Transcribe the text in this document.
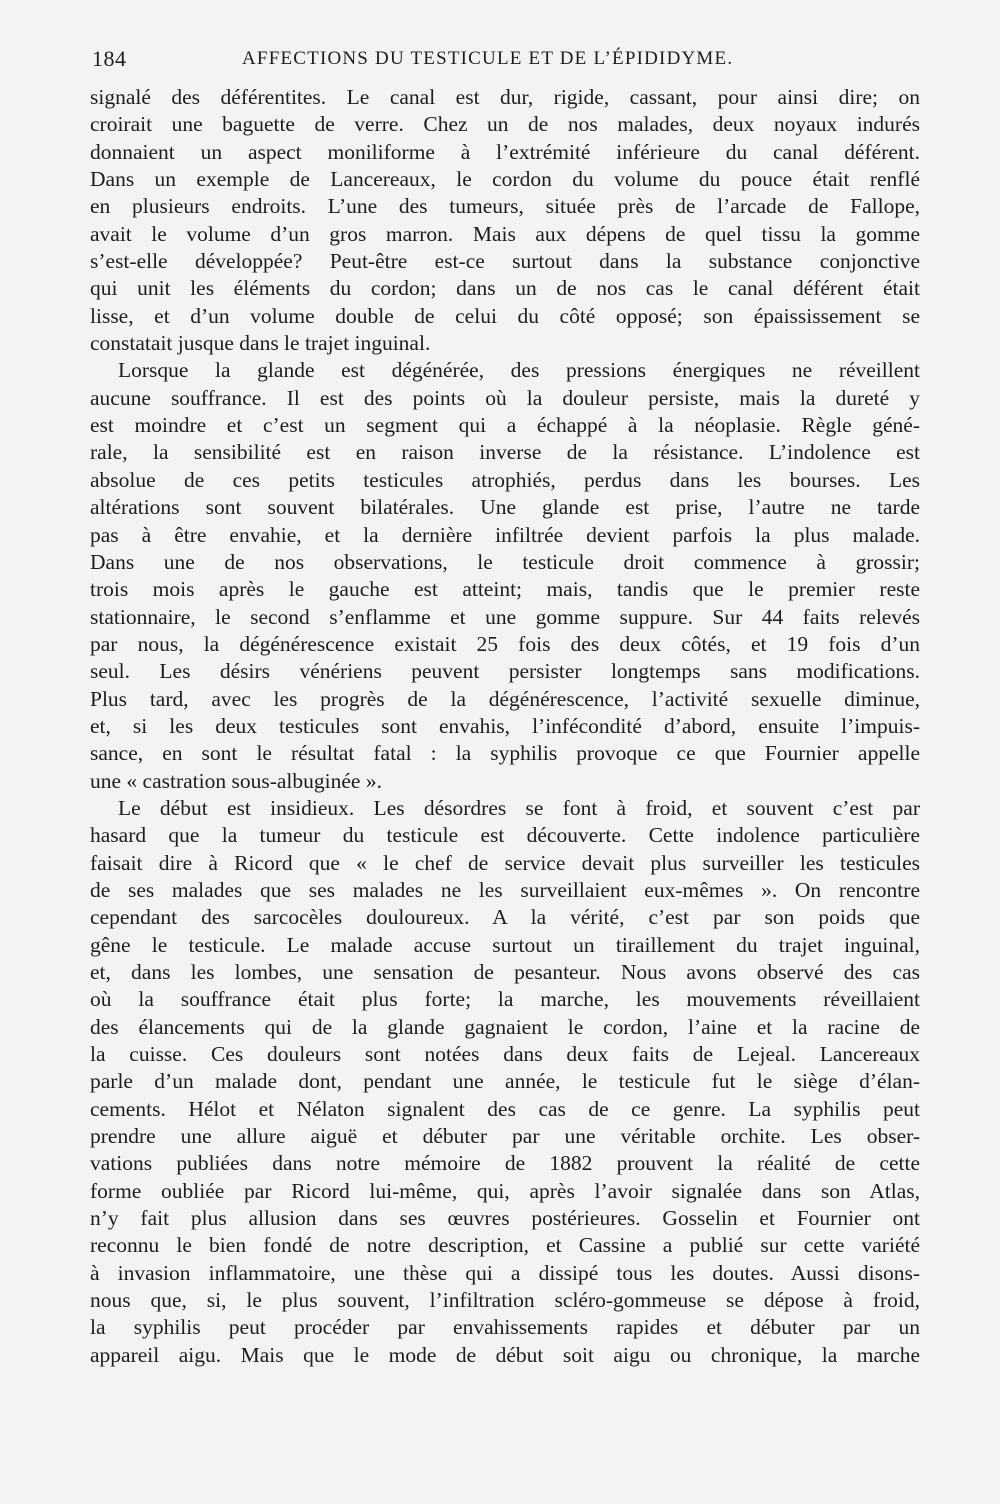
184	AFFECTIONS DU TESTICULE ET DE L’ÉPIDIDYME.
signalé des déférentites. Le canal est dur, rigide, cassant, pour ainsi dire; on
croirait une baguette de verre. Chez un de nos malades, deux noyaux indurés
donnaient un aspect moniliforme à l’extrémité inférieure du canal déférent.
Dans un exemple de Lancereaux, le cordon du volume du pouce était renflé
en plusieurs endroits. L’une des tumeurs, située près de l’arcade de Fallope,
avait le volume d’un gros marron. Mais aux dépens de quel tissu la gomme
s’est-elle développée? Peut-être est-ce surtout dans la substance conjonctive
qui unit les éléments du cordon; dans un de nos cas le canal déférent était
lisse, et d’un volume double de celui du côté opposé; son épaississement se
constatait jusque dans le trajet inguinal.
Lorsque la glande est dégénérée, des pressions énergiques ne réveillent
aucune souffrance. Il est des points où la douleur persiste, mais la dureté y
est moindre et c’est un segment qui a échappé à la néoplasie. Règle géné-
rale, la sensibilité est en raison inverse de la résistance. L’indolence est
absolue de ces petits testicules atrophiés, perdus dans les bourses. Les
altérations sont souvent bilatérales. Une glande est prise, l’autre ne tarde
pas à être envahie, et la dernière infiltrée devient parfois la plus malade.
Dans une de nos observations, le testicule droit commence à grossir;
trois mois après le gauche est atteint; mais, tandis que le premier reste
stationnaire, le second s’enflamme et une gomme suppure. Sur 44 faits relevés
par nous, la dégénérescence existait 25 fois des deux côtés, et 19 fois d’un
seul. Les désirs vénériens peuvent persister longtemps sans modifications.
Plus tard, avec les progrès de la dégénérescence, l’activité sexuelle diminue,
et, si les deux testicules sont envahis, l’infécondité d’abord, ensuite l’impuis-
sance, en sont le résultat fatal : la syphilis provoque ce que Fournier appelle
une « castration sous-albuginée ».
Le début est insidieux. Les désordres se font à froid, et souvent c’est par
hasard que la tumeur du testicule est découverte. Cette indolence particulière
faisait dire à Ricord que « le chef de service devait plus surveiller les testicules
de ses malades que ses malades ne les surveillaient eux-mêmes ». On rencontre
cependant des sarcocèles douloureux. A la vérité, c’est par son poids que
gêne le testicule. Le malade accuse surtout un tiraillement du trajet inguinal,
et, dans les lombes, une sensation de pesanteur. Nous avons observé des cas
où la souffrance était plus forte; la marche, les mouvements réveillaient
des élancements qui de la glande gagnaient le cordon, l’aine et la racine de
la cuisse. Ces douleurs sont notées dans deux faits de Lejeal. Lancereaux
parle d’un malade dont, pendant une année, le testicule fut le siège d’élan-
cements. Hélot et Nélaton signalent des cas de ce genre. La syphilis peut
prendre une allure aiguë et débuter par une véritable orchite. Les obser-
vations publiées dans notre mémoire de 1882 prouvent la réalité de cette
forme oubliée par Ricord lui-même, qui, après l’avoir signalée dans son Atlas,
n’y fait plus allusion dans ses œuvres postérieures. Gosselin et Fournier ont
reconnu le bien fondé de notre description, et Cassine a publié sur cette variété
à invasion inflammatoire, une thèse qui a dissipé tous les doutes. Aussi disons-
nous que, si, le plus souvent, l’infiltration scléro-gommeuse se dépose à froid,
la syphilis peut procéder par envahissements rapides et débuter par un
appareil aigu. Mais que le mode de début soit aigu ou chronique, la marche
